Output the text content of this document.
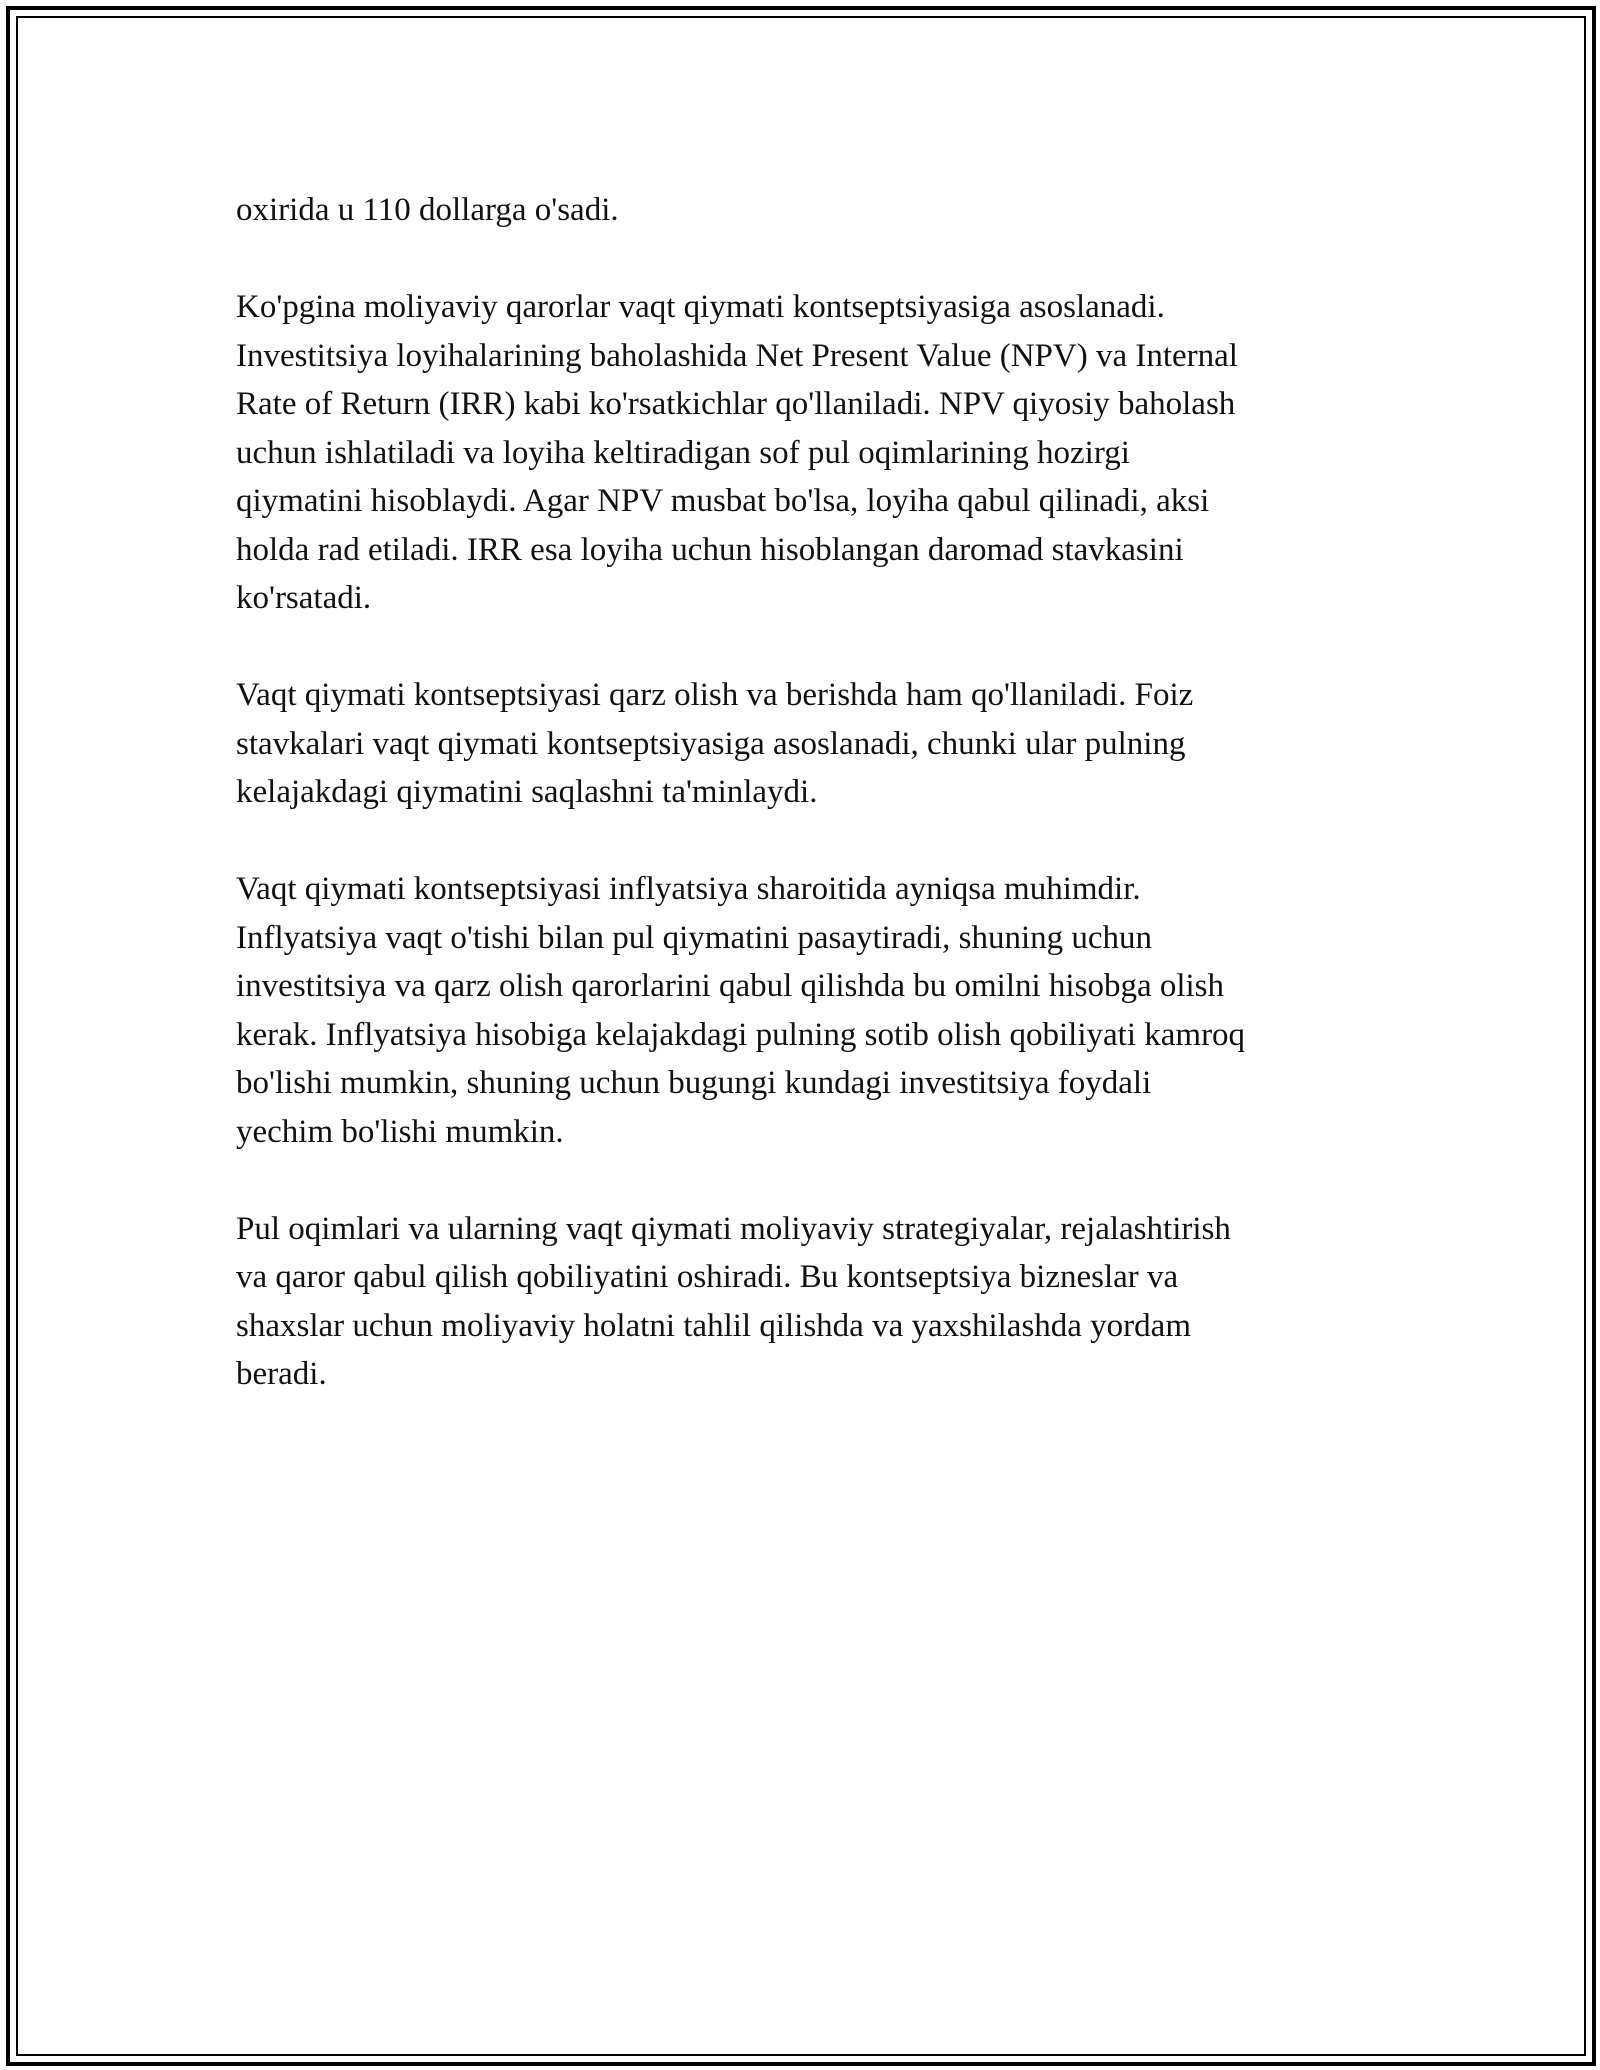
oxirida u 110 dollarga o'sadi.

Ko'pgina moliyaviy qarorlar vaqt qiymati kontseptsiyasiga asoslanadi.
Investitsiya loyihalarining baholashida Net Present Value (NPV) va Internal
Rate of Return (IRR) kabi ko'rsatkichlar qo'llaniladi. NPV qiyosiy baholash
uchun ishlatiladi va loyiha keltiradigan sof pul oqimlarining hozirgi
qiymatini hisoblaydi. Agar NPV musbat bo'lsa, loyiha qabul qilinadi, aksi
holda rad etiladi. IRR esa loyiha uchun hisoblangan daromad stavkasini
ko'rsatadi.

Vaqt qiymati kontseptsiyasi qarz olish va berishda ham qo'llaniladi. Foiz
stavkalari vaqt qiymati kontseptsiyasiga asoslanadi, chunki ular pulning
kelajakdagi qiymatini saqlashni ta'minlaydi.

Vaqt qiymati kontseptsiyasi inflyatsiya sharoitida ayniqsa muhimdir.
Inflyatsiya vaqt o'tishi bilan pul qiymatini pasaytiradi, shuning uchun
investitsiya va qarz olish qarorlarini qabul qilishda bu omilni hisobga olish
kerak. Inflyatsiya hisobiga kelajakdagi pulning sotib olish qobiliyati kamroq
bo'lishi mumkin, shuning uchun bugungi kundagi investitsiya foydali
yechim bo'lishi mumkin.

Pul oqimlari va ularning vaqt qiymati moliyaviy strategiyalar, rejalashtirish
va qaror qabul qilish qobiliyatini oshiradi. Bu kontseptsiya bizneslar va
shaxslar uchun moliyaviy holatni tahlil qilishda va yaxshilashda yordam
beradi.
